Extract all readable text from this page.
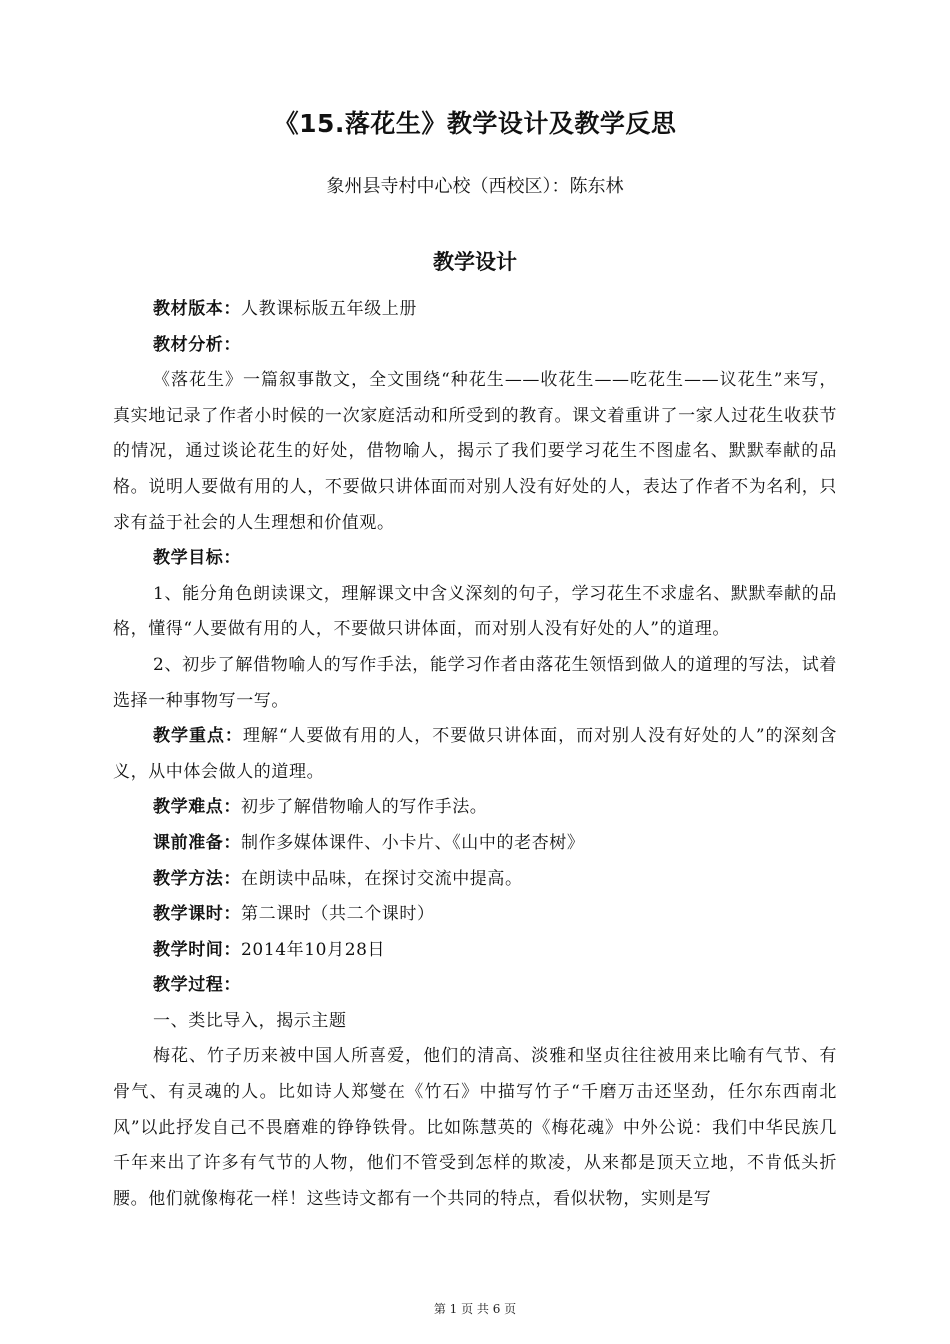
《15.落花生》教学设计及教学反思
象州县寺村中心校（西校区）：陈东林
教学设计

教材版本：人教课标版五年级上册

教材分析：

《落花生》一篇叙事散文，全文围绕“种花生——收花生——吃花生——议花生”来写，真实地记录了作者小时候的一次家庭活动和所受到的教育。课文着重讲了一家人过花生收获节的情况，通过谈论花生的好处，借物喻人，揭示了我们要学习花生不图虚名、默默奉献的品格。说明人要做有用的人，不要做只讲体面而对别人没有好处的人，表达了作者不为名利，只求有益于社会的人生理想和价值观。

教学目标：

1、能分角色朗读课文，理解课文中含义深刻的句子，学习花生不求虚名、默默奉献的品格，懂得“人要做有用的人，不要做只讲体面，而对别人没有好处的人”的道理。

2、初步了解借物喻人的写作手法，能学习作者由落花生领悟到做人的道理的写法，试着选择一种事物写一写。

教学重点：理解“人要做有用的人，不要做只讲体面，而对别人没有好处的人”的深刻含义，从中体会做人的道理。

教学难点：初步了解借物喻人的写作手法。

课前准备：制作多媒体课件、小卡片、《山中的老杏树》

教学方法：在朗读中品味，在探讨交流中提高。

教学课时：第二课时（共二个课时）

教学时间：2014年10月28日

教学过程：

一、类比导入，揭示主题

梅花、竹子历来被中国人所喜爱，他们的清高、淡雅和坚贞往往被用来比喻有气节、有骨气、有灵魂的人。比如诗人郑燮在《竹石》中描写竹子“千磨万击还坚劲，任尔东西南北风”以此抒发自己不畏磨难的铮铮铁骨。比如陈慧英的《梅花魂》中外公说：我们中华民族几千年来出了许多有气节的人物，他们不管受到怎样的欺凌，从来都是顶天立地，不肯低头折腰。他们就像梅花一样！这些诗文都有一个共同的特点，看似状物，实则是写

第 1 页 共 6 页
